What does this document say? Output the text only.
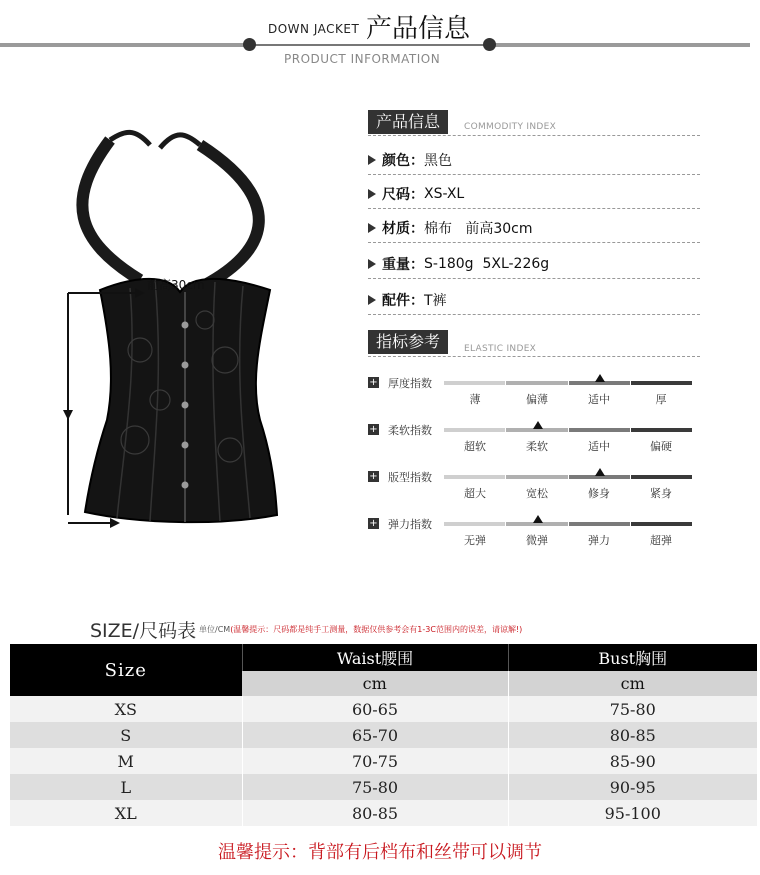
DOWN JACKET 产品信息
PRODUCT INFORMATION
前高30cm
产品信息	COMMODITY INDEX
颜色： 黑色
尺码： XS-XL
材质： 棉布   前高30cm
重量： S-180g  5XL-226g
配件： T裤
指标参考	ELASTIC INDEX
+ 厚度指数
薄	偏薄	适中	厚
+ 柔软指数
超软	柔软	适中	偏硬
+ 版型指数
超大	宽松	修身	紧身
+ 弹力指数
无弹	微弹	弹力	超弹
SIZE/尺码表 单位/CM(温馨提示：尺码都是纯手工测量，数据仅供参考会有1-3C范围内的误差，请谅解!)
Size	Waist腰围	Bust胸围
	cm	cm
XS	60-65	75-80
S	65-70	80-85
M	70-75	85-90
L	75-80	90-95
XL	80-85	95-100
温馨提示：背部有后档布和丝带可以调节
